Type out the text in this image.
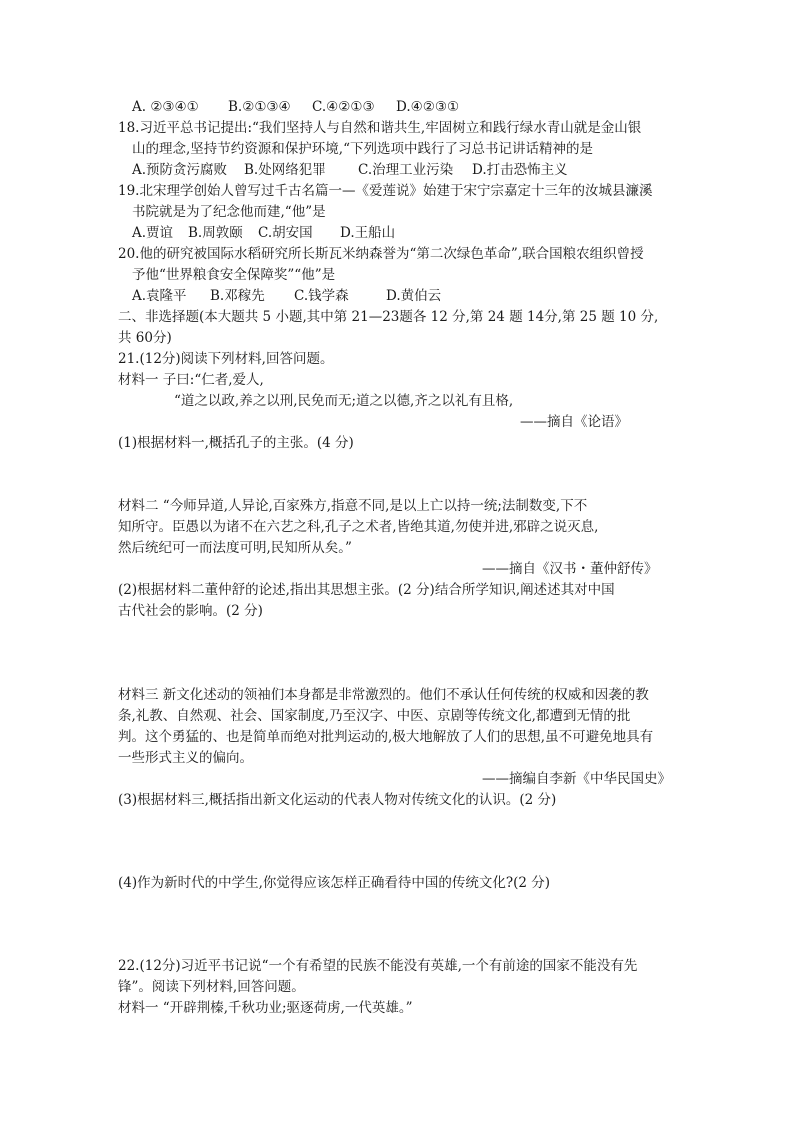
A. ②③④① B.②①③④ C.④②①③ D.④②③①
18.习近平总书记提出:“我们坚持人与自然和谐共生,牢固树立和践行绿水青山就是金山银
山的理念,坚持节约资源和保护环境,“下列选项中践行了习总书记讲话精神的是
A.预防贪污腐败 B.处网络犯罪 C.治理工业污染 D.打击恐怖主义
19.北宋理学创始人曾写过千古名篇一—《爱莲说》始建于宋宁宗嘉定十三年的汝城县濂溪
书院就是为了纪念他而建,“他”是
A.贾谊 B.周敦颐 C.胡安国 D.王船山
20.他的研究被国际水稻研究所长斯瓦米纳森誉为“第二次绿色革命”,联合国粮农组织曾授
予他“世界粮食安全保障奖”“他”是
A.袁隆平 B.邓稼先 C.钱学森	D.黄伯云
二、非选择题(本大题共 5 小题,其中第 21—23题各 12 分,第 24 题 14分,第 25 题 10 分,
共 60分)
21.(12分)阅读下列材料,回答问题。
材料一 子曰:“仁者,爱人,
“道之以政,养之以刑,民免而无;道之以德,齐之以礼有且格,
——摘自《论语》
(1)根据材料一,概括孔子的主张。(4 分)
材料二 “今师异道,人异论,百家殊方,指意不同,是以上亡以持一统;法制数变,下不
知所守。臣愚以为诸不在六艺之科,孔子之术者,皆绝其道,勿使并进,邪辟之说灭息,
然后统纪可一而法度可明,民知所从矣。”
——摘自《汉书・董仲舒传》
(2)根据材料二董仲舒的论述,指出其思想主张。(2 分)结合所学知识,阐述述其对中国
古代社会的影响。(2 分)
材料三 新文化述动的领袖们本身都是非常激烈的。他们不承认任何传统的权威和因袭的教
条,礼教、自然观、社会、国家制度,乃至汉字、中医、京剧等传统文化,都遭到无情的批
判。这个勇猛的、也是简单而绝对批判运动的,极大地解放了人们的思想,虽不可避免地具有
一些形式主义的偏向。
——摘编自李新《中华民国史》
(3)根据材料三,概括指出新文化运动的代表人物对传统文化的认识。(2 分)
(4)作为新时代的中学生,你觉得应该怎样正确看待中国的传统文化?(2 分)
22.(12分)习近平书记说“一个有希望的民族不能没有英雄,一个有前途的国家不能没有先
锋”。阅读下列材料,回答问题。
材料一 “开辟荆榛,千秋功业;驱逐荷虏,一代英雄。”
